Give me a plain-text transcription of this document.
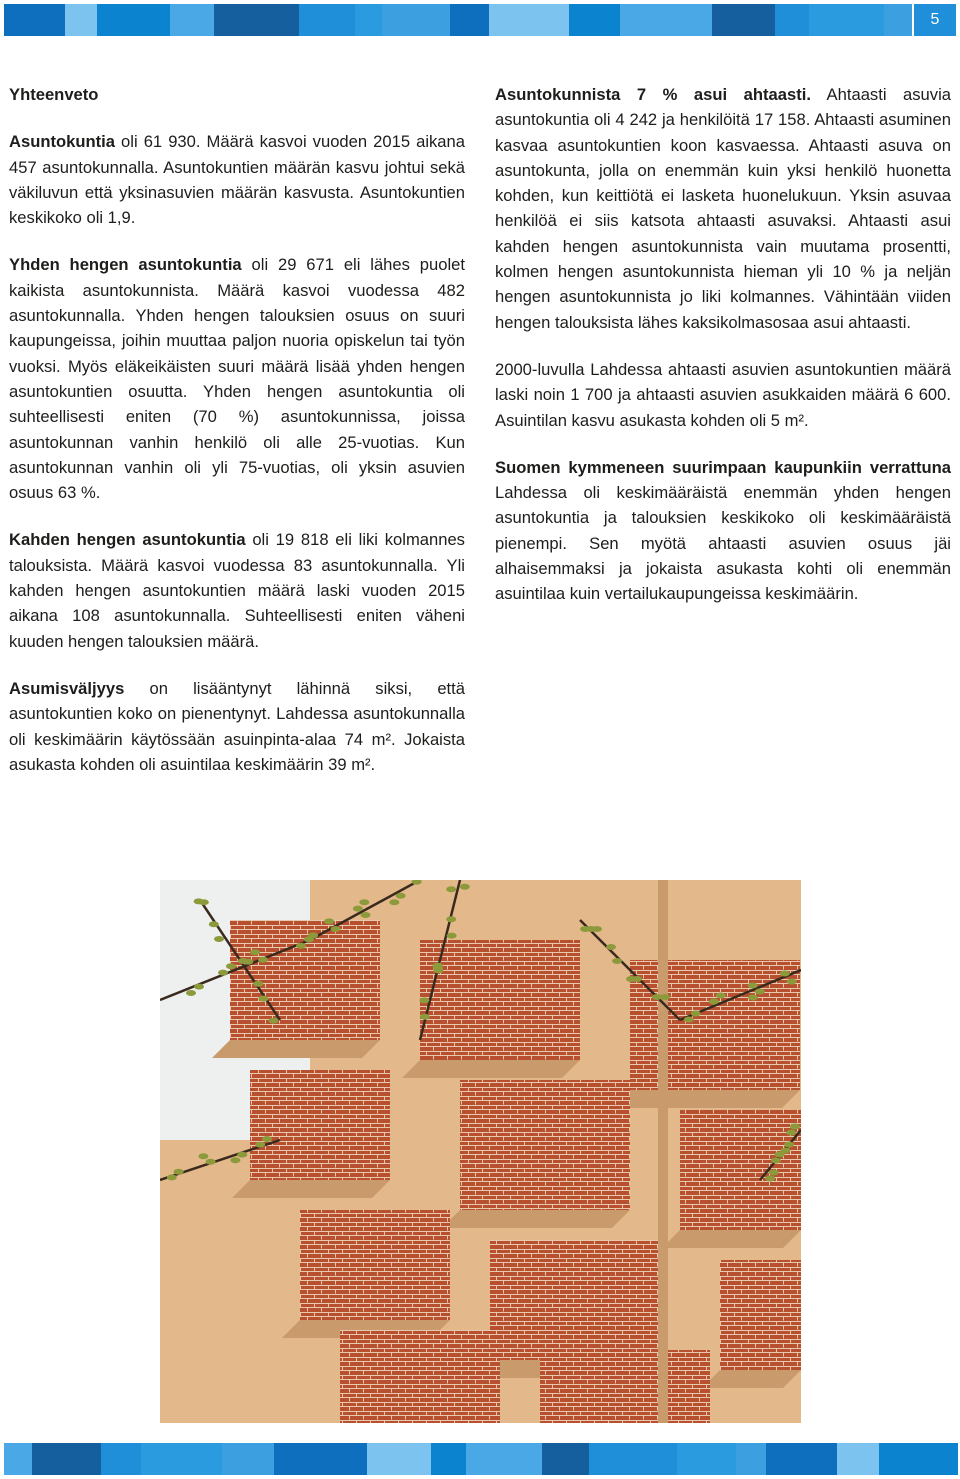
5

Yhteenveto

Asuntokuntia oli 61 930. Määrä kasvoi vuoden 2015 aikana 457 asuntokunnalla. Asuntokuntien määrän kasvu johtui sekä väkiluvun että yksinasuvien määrän kasvusta. Asuntokuntien keskikoko oli 1,9.

Yhden hengen asuntokuntia oli 29 671 eli lähes puolet kaikista asuntokunnista. Määrä kasvoi vuodessa 482 asuntokunnalla. Yhden hengen talouksien osuus on suuri kaupungeissa, joihin muuttaa paljon nuoria opiskelun tai työn vuoksi. Myös eläkeikäisten suuri määrä lisää yhden hengen asuntokuntien osuutta. Yhden hengen asuntokuntia oli suhteellisesti eniten (70 %) asuntokunnissa, joissa asuntokunnan vanhin henkilö oli alle 25-vuotias. Kun asuntokunnan vanhin oli yli 75-vuotias, oli yksin asuvien osuus 63 %.

Kahden hengen asuntokuntia oli 19 818 eli liki kolmannes talouksista. Määrä kasvoi vuodessa 83 asuntokunnalla. Yli kahden hengen asuntokuntien määrä laski vuoden 2015 aikana 108 asuntokunnalla. Suhteellisesti eniten väheni kuuden hengen talouksien määrä.

Asumisväljyys on lisääntynyt lähinnä siksi, että asuntokuntien koko on pienentynyt. Lahdessa asuntokunnalla oli keskimäärin käytössään asuinpinta-alaa 74 m². Jokaista asukasta kohden oli asuintilaa keskimäärin 39 m².

Asuntokunnista 7 % asui ahtaasti. Ahtaasti asuvia asuntokuntia oli 4 242 ja henkilöitä 17 158. Ahtaasti asuminen kasvaa asuntokuntien koon kasvaessa. Ahtaasti asuva on asuntokunta, jolla on enemmän kuin yksi henkilö huonetta kohden, kun keittiötä ei lasketa huonelukuun. Yksin asuvaa henkilöä ei siis katsota ahtaasti asuvaksi. Ahtaasti asui kahden hengen asuntokunnista vain muutama prosentti, kolmen hengen asuntokunnista hieman yli 10 % ja neljän hengen asuntokunnista jo liki kolmannes. Vähintään viiden hengen talouksista lähes kaksikolmasosaa asui ahtaasti.

2000-luvulla Lahdessa ahtaasti asuvien asuntokuntien määrä laski noin 1 700 ja ahtaasti asuvien asukkaiden määrä 6 600. Asuintilan kasvu asukasta kohden oli 5 m².

Suomen kymmeneen suurimpaan kaupunkiin verrattuna Lahdessa oli keskimääräistä enemmän yhden hengen asuntokuntia ja talouksien keskikoko oli keskimääräistä pienempi. Sen myötä ahtaasti asuvien osuus jäi alhaisemmaksi ja jokaista asukasta kohti oli enemmän asuintilaa kuin vertailukaupungeissa keskimäärin.
